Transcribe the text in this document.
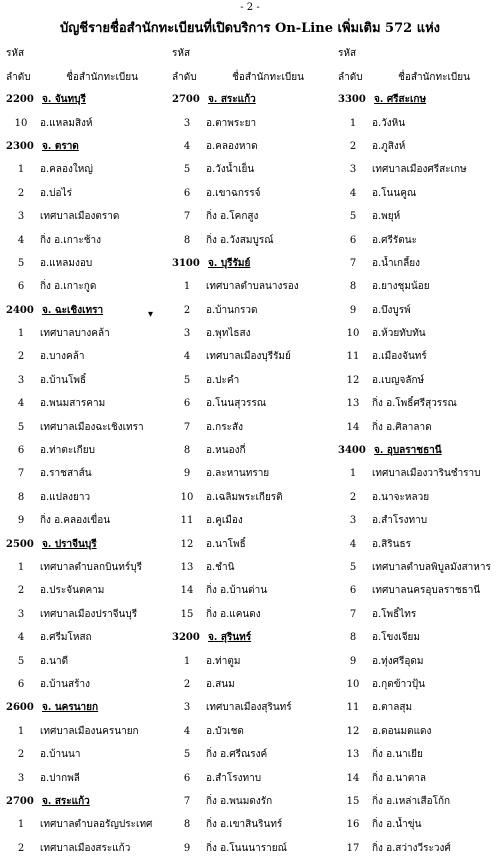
- 2 -
บัญชีรายชื่อสำนักทะเบียนที่เปิดบริการ On-Line เพิ่มเติม 572 แห่ง
▾
รหัส
ลำดับ	ชื่อสำนักทะเบียน
2200 จ. จันทบุรี
10	อ.แหลมสิงห์
2300 จ. ตราด
1	อ.คลองใหญ่
2	อ.บ่อไร่
3	เทศบาลเมืองตราด
4	กิ่ง อ.เกาะช้าง
5	อ.แหลมงอบ
6	กิ่ง อ.เกาะกูด
2400 จ. ฉะเชิงเทรา
1	เทศบาลบางคล้า
2	อ.บางคล้า
3	อ.บ้านโพธิ์
4	อ.พนมสารคาม
5	เทศบาลเมืองฉะเชิงเทรา
6	อ.ท่าตะเกียบ
7	อ.ราชสาส์น
8	อ.แปลงยาว
9	กิ่ง อ.คลองเขื่อน
2500 จ. ปราจีนบุรี
1	เทศบาลตำบลกบินทร์บุรี
2	อ.ประจันตคาม
3	เทศบาลเมืองปราจีนบุรี
4	อ.ศรีมโหสถ
5	อ.นาดี
6	อ.บ้านสร้าง
2600 จ. นครนายก
1	เทศบาลเมืองนครนายก
2	อ.บ้านนา
3	อ.ปากพลี
2700 จ. สระแก้ว
1	เทศบาลตำบลอรัญประเทศ
2	เทศบาลเมืองสระแก้ว
รหัส
ลำดับ	ชื่อสำนักทะเบียน
2700 จ. สระแก้ว
3	อ.ตาพระยา
4	อ.คลองหาด
5	อ.วังน้ำเย็น
6	อ.เขาฉกรรจ์
7	กิ่ง อ.โคกสูง
8	กิ่ง อ.วังสมบูรณ์
3100 จ. บุรีรัมย์
1	เทศบาลตำบลนางรอง
2	อ.บ้านกรวด
3	อ.พุทไธสง
4	เทศบาลเมืองบุรีรัมย์
5	อ.ปะคำ
6	อ.โนนสุวรรณ
7	อ.กระสัง
8	อ.หนองกี่
9	อ.ละหานทราย
10	อ.เฉลิมพระเกียรติ
11	อ.คูเมือง
12	อ.นาโพธิ์
13	อ.ชำนิ
14	กิ่ง อ.บ้านด่าน
15	กิ่ง อ.แคนดง
3200 จ. สุรินทร์
1	อ.ท่าตูม
2	อ.สนม
3	เทศบาลเมืองสุรินทร์
4	อ.บัวเชด
5	กิ่ง อ.ศรีณรงค์
6	อ.สำโรงทาบ
7	กิ่ง อ.พนมดงรัก
8	กิ่ง อ.เขาสินรินทร์
9	กิ่ง อ.โนนนารายณ์
รหัส
ลำดับ	ชื่อสำนักทะเบียน
3300 จ. ศรีสะเกษ
1	อ.วังหิน
2	อ.ภูสิงห์
3	เทศบาลเมืองศรีสะเกษ
4	อ.โนนคูณ
5	อ.พยุห์
6	อ.ศรีรัตนะ
7	อ.น้ำเกลี้ยง
8	อ.ยางชุมน้อย
9	อ.บึงบูรพ์
10	อ.ห้วยทับทัน
11	อ.เมืองจันทร์
12	อ.เบญจลักษ์
13	กิ่ง อ.โพธิ์ศรีสุวรรณ
14	กิ่ง อ.ศิลาลาด
3400 จ. อุบลราชธานี
1	เทศบาลเมืองวารินชำราบ
2	อ.นาจะหลวย
3	อ.สำโรงทาบ
4	อ.สิรินธร
5	เทศบาลตำบลพิบูลมังสาหาร
6	เทศบาลนครอุบลราชธานี
7	อ.โพธิ์ไทร
8	อ.โขงเจียม
9	อ.ทุ่งศรีอุดม
10	อ.กุดข้าวปุ้น
11	อ.ตาลสุม
12	อ.ดอนมดแดง
13	กิ่ง อ.นาเยีย
14	กิ่ง อ.นาตาล
15	กิ่ง อ.เหล่าเสือโก้ก
16	กิ่ง อ.น้ำขุ่น
17	กิ่ง อ.สว่างวีระวงศ์
